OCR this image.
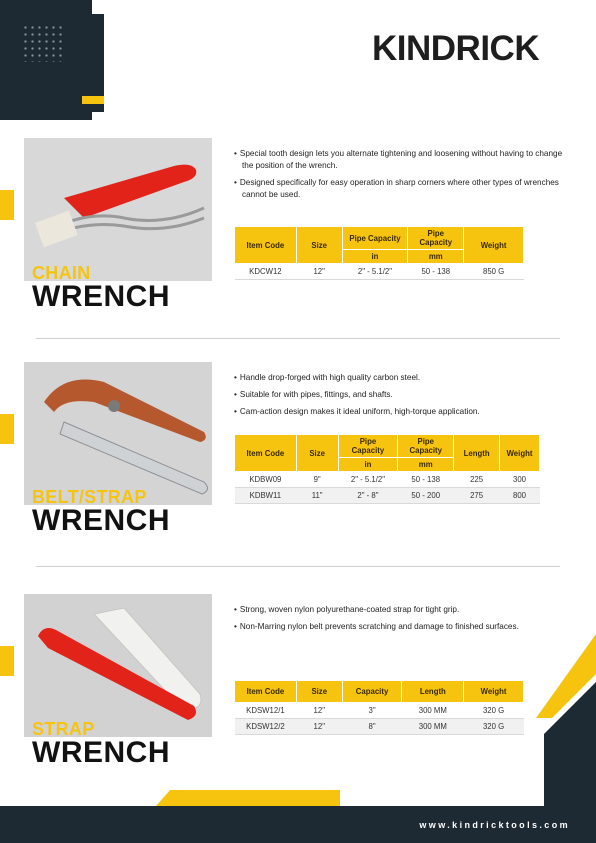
KINDRICK
CHAIN
WRENCH
• Special tooth design lets you alternate tightening and loosening without having to change the position of the wrench.
• Designed specifically for easy operation in sharp corners where other types of wrenches cannot be used.
Item Code	Size	Pipe Capacity	Pipe Capacity	Weight
		in	mm	
KDCW12	12"	2" - 5.1/2"	50 - 138	850 G
BELT/STRAP
WRENCH
• Handle drop-forged with high quality carbon steel.
• Suitable for with pipes, fittings, and shafts.
• Cam-action design makes it ideal uniform, high-torque application.
Item Code	Size	Pipe Capacity	Pipe Capacity	Length	Weight
		in	mm		
KDBW09	9"	2" - 5.1/2"	50 - 138	225	300
KDBW11	11"	2" - 8"	50 - 200	275	800
STRAP
WRENCH
• Strong, woven nylon polyurethane-coated strap for tight grip.
• Non-Marring nylon belt prevents scratching and damage to finished surfaces.
Item Code	Size	Capacity	Length	Weight
KDSW12/1	12"	3"	300 MM	320 G
KDSW12/2	12"	8"	300 MM	320 G
www.kindricktools.com
